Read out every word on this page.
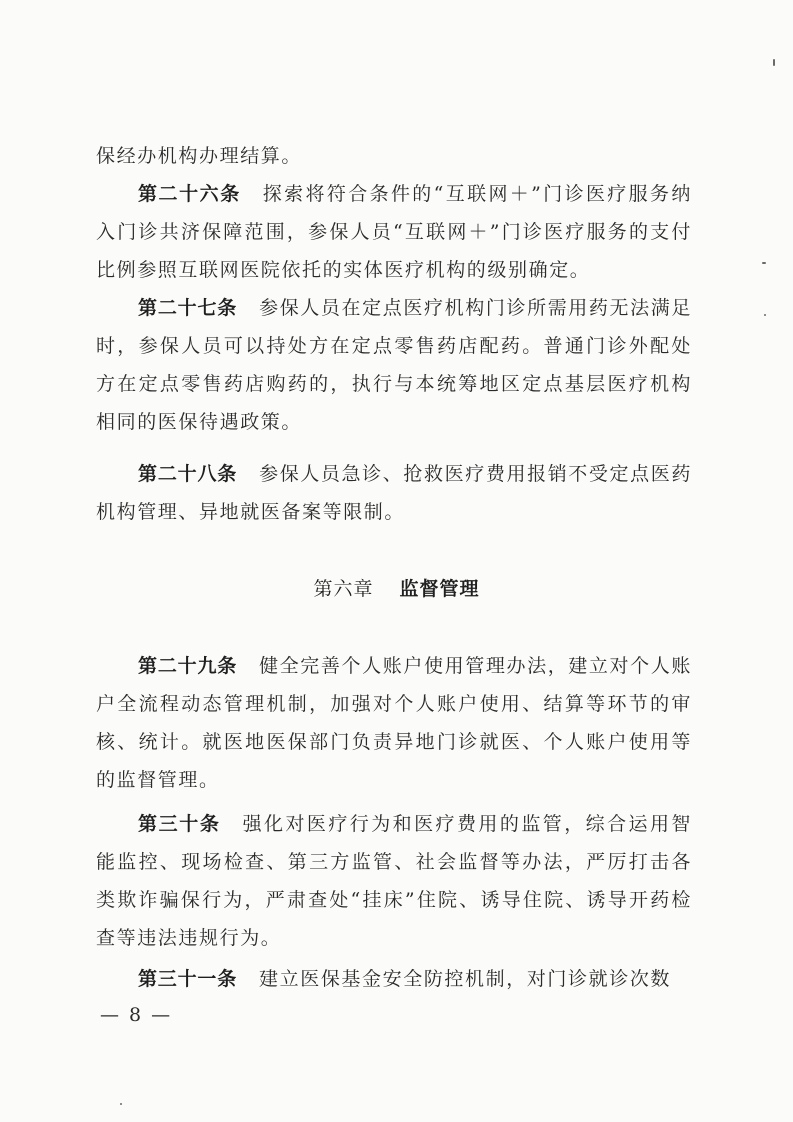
保经办机构办理结算。

第二十六条 探索将符合条件的“互联网＋”门诊医疗服务纳入门诊共济保障范围，参保人员“互联网＋”门诊医疗服务的支付比例参照互联网医院依托的实体医疗机构的级别确定。

第二十七条 参保人员在定点医疗机构门诊所需用药无法满足时，参保人员可以持处方在定点零售药店配药。普通门诊外配处方在定点零售药店购药的，执行与本统筹地区定点基层医疗机构相同的医保待遇政策。

第二十八条 参保人员急诊、抢救医疗费用报销不受定点医药机构管理、异地就医备案等限制。

第六章 监督管理

第二十九条 健全完善个人账户使用管理办法，建立对个人账户全流程动态管理机制，加强对个人账户使用、结算等环节的审核、统计。就医地医保部门负责异地门诊就医、个人账户使用等的监督管理。

第三十条 强化对医疗行为和医疗费用的监管，综合运用智能监控、现场检查、第三方监管、社会监督等办法，严厉打击各类欺诈骗保行为，严肃查处“挂床”住院、诱导住院、诱导开药检查等违法违规行为。

第三十一条 建立医保基金安全防控机制，对门诊就诊次数

— 8 —
